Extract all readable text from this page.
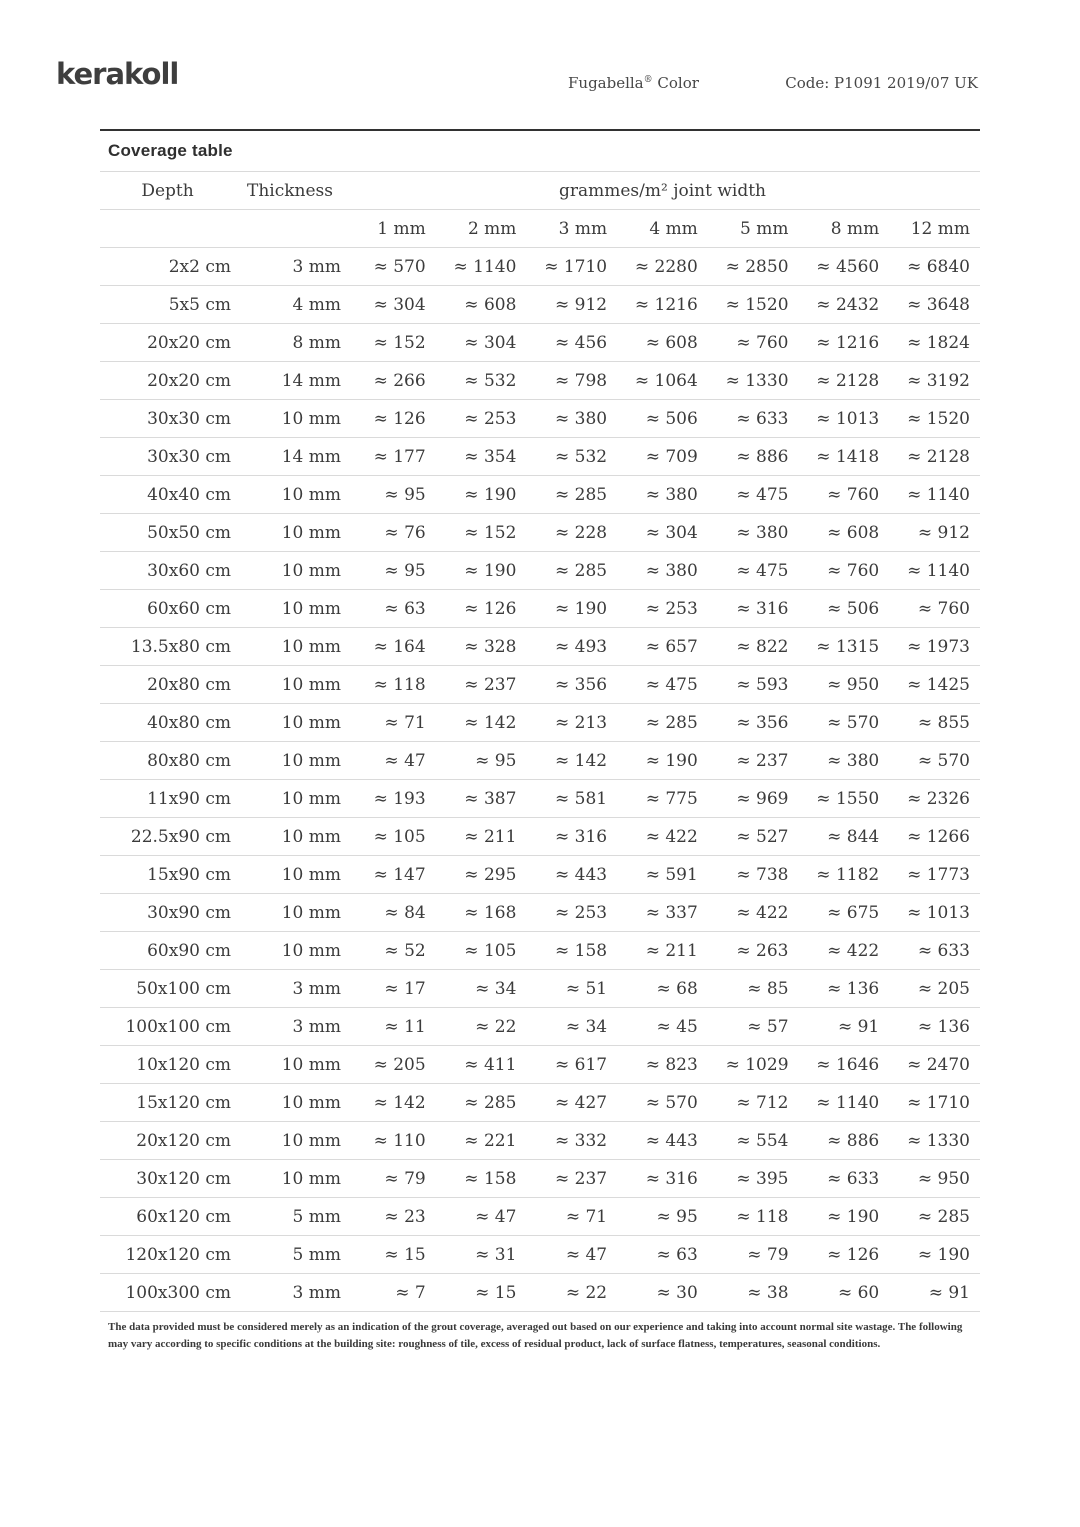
kerakoll	Fugabella® Color	Code: P1091 2019/07 UK
Coverage table
Depth	Thickness	grammes/m² joint width						
		1 mm	2 mm	3 mm	4 mm	5 mm	8 mm	12 mm
2x2 cm	3 mm	≈ 570	≈ 1140	≈ 1710	≈ 2280	≈ 2850	≈ 4560	≈ 6840
5x5 cm	4 mm	≈ 304	≈ 608	≈ 912	≈ 1216	≈ 1520	≈ 2432	≈ 3648
20x20 cm	8 mm	≈ 152	≈ 304	≈ 456	≈ 608	≈ 760	≈ 1216	≈ 1824
20x20 cm	14 mm	≈ 266	≈ 532	≈ 798	≈ 1064	≈ 1330	≈ 2128	≈ 3192
30x30 cm	10 mm	≈ 126	≈ 253	≈ 380	≈ 506	≈ 633	≈ 1013	≈ 1520
30x30 cm	14 mm	≈ 177	≈ 354	≈ 532	≈ 709	≈ 886	≈ 1418	≈ 2128
40x40 cm	10 mm	≈ 95	≈ 190	≈ 285	≈ 380	≈ 475	≈ 760	≈ 1140
50x50 cm	10 mm	≈ 76	≈ 152	≈ 228	≈ 304	≈ 380	≈ 608	≈ 912
30x60 cm	10 mm	≈ 95	≈ 190	≈ 285	≈ 380	≈ 475	≈ 760	≈ 1140
60x60 cm	10 mm	≈ 63	≈ 126	≈ 190	≈ 253	≈ 316	≈ 506	≈ 760
13.5x80 cm	10 mm	≈ 164	≈ 328	≈ 493	≈ 657	≈ 822	≈ 1315	≈ 1973
20x80 cm	10 mm	≈ 118	≈ 237	≈ 356	≈ 475	≈ 593	≈ 950	≈ 1425
40x80 cm	10 mm	≈ 71	≈ 142	≈ 213	≈ 285	≈ 356	≈ 570	≈ 855
80x80 cm	10 mm	≈ 47	≈ 95	≈ 142	≈ 190	≈ 237	≈ 380	≈ 570
11x90 cm	10 mm	≈ 193	≈ 387	≈ 581	≈ 775	≈ 969	≈ 1550	≈ 2326
22.5x90 cm	10 mm	≈ 105	≈ 211	≈ 316	≈ 422	≈ 527	≈ 844	≈ 1266
15x90 cm	10 mm	≈ 147	≈ 295	≈ 443	≈ 591	≈ 738	≈ 1182	≈ 1773
30x90 cm	10 mm	≈ 84	≈ 168	≈ 253	≈ 337	≈ 422	≈ 675	≈ 1013
60x90 cm	10 mm	≈ 52	≈ 105	≈ 158	≈ 211	≈ 263	≈ 422	≈ 633
50x100 cm	3 mm	≈ 17	≈ 34	≈ 51	≈ 68	≈ 85	≈ 136	≈ 205
100x100 cm	3 mm	≈ 11	≈ 22	≈ 34	≈ 45	≈ 57	≈ 91	≈ 136
10x120 cm	10 mm	≈ 205	≈ 411	≈ 617	≈ 823	≈ 1029	≈ 1646	≈ 2470
15x120 cm	10 mm	≈ 142	≈ 285	≈ 427	≈ 570	≈ 712	≈ 1140	≈ 1710
20x120 cm	10 mm	≈ 110	≈ 221	≈ 332	≈ 443	≈ 554	≈ 886	≈ 1330
30x120 cm	10 mm	≈ 79	≈ 158	≈ 237	≈ 316	≈ 395	≈ 633	≈ 950
60x120 cm	5 mm	≈ 23	≈ 47	≈ 71	≈ 95	≈ 118	≈ 190	≈ 285
120x120 cm	5 mm	≈ 15	≈ 31	≈ 47	≈ 63	≈ 79	≈ 126	≈ 190
100x300 cm	3 mm	≈ 7	≈ 15	≈ 22	≈ 30	≈ 38	≈ 60	≈ 91

The data provided must be considered merely as an indication of the grout coverage, averaged out based on our experience and taking into account normal site wastage. The following may vary according to specific conditions at the building site: roughness of tile, excess of residual product, lack of surface flatness, temperatures, seasonal conditions.
